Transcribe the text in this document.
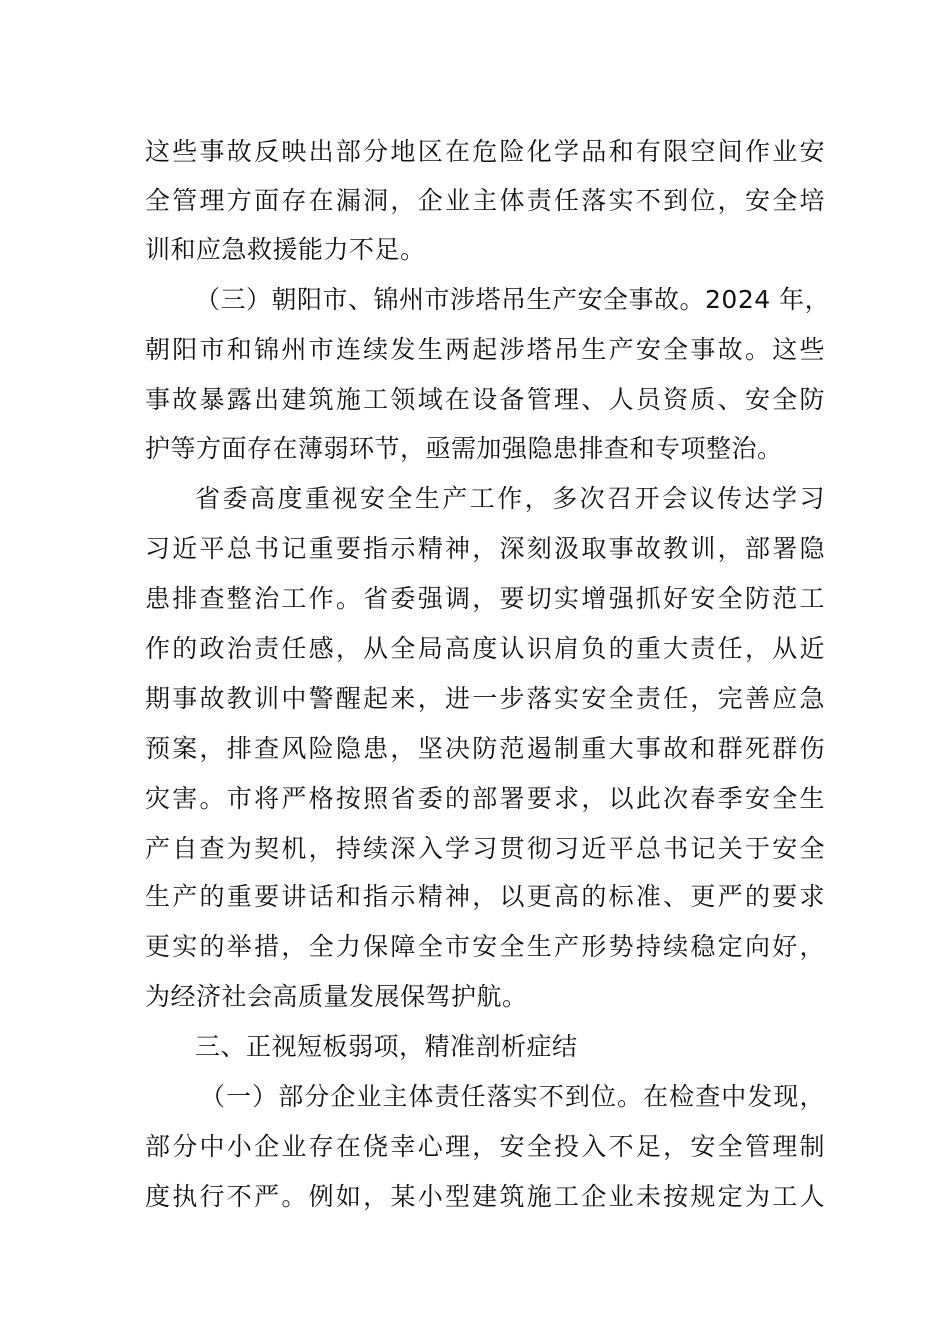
这些事故反映出部分地区在危险化学品和有限空间作业安
全管理方面存在漏洞，企业主体责任落实不到位，安全培
训和应急救援能力不足。
（三）朝阳市、锦州市涉塔吊生产安全事故。2024 年，
朝阳市和锦州市连续发生两起涉塔吊生产安全事故。这些
事故暴露出建筑施工领域在设备管理、人员资质、安全防
护等方面存在薄弱环节，亟需加强隐患排查和专项整治。
省委高度重视安全生产工作，多次召开会议传达学习
习近平总书记重要指示精神，深刻汲取事故教训，部署隐
患排查整治工作。省委强调，要切实增强抓好安全防范工
作的政治责任感，从全局高度认识肩负的重大责任，从近
期事故教训中警醒起来，进一步落实安全责任，完善应急
预案，排查风险隐患，坚决防范遏制重大事故和群死群伤
灾害。市将严格按照省委的部署要求，以此次春季安全生
产自查为契机，持续深入学习贯彻习近平总书记关于安全
生产的重要讲话和指示精神，以更高的标准、更严的要求
更实的举措，全力保障全市安全生产形势持续稳定向好，
为经济社会高质量发展保驾护航。
三、正视短板弱项，精准剖析症结
（一）部分企业主体责任落实不到位。在检查中发现，
部分中小企业存在侥幸心理，安全投入不足，安全管理制
度执行不严。例如，某小型建筑施工企业未按规定为工人
